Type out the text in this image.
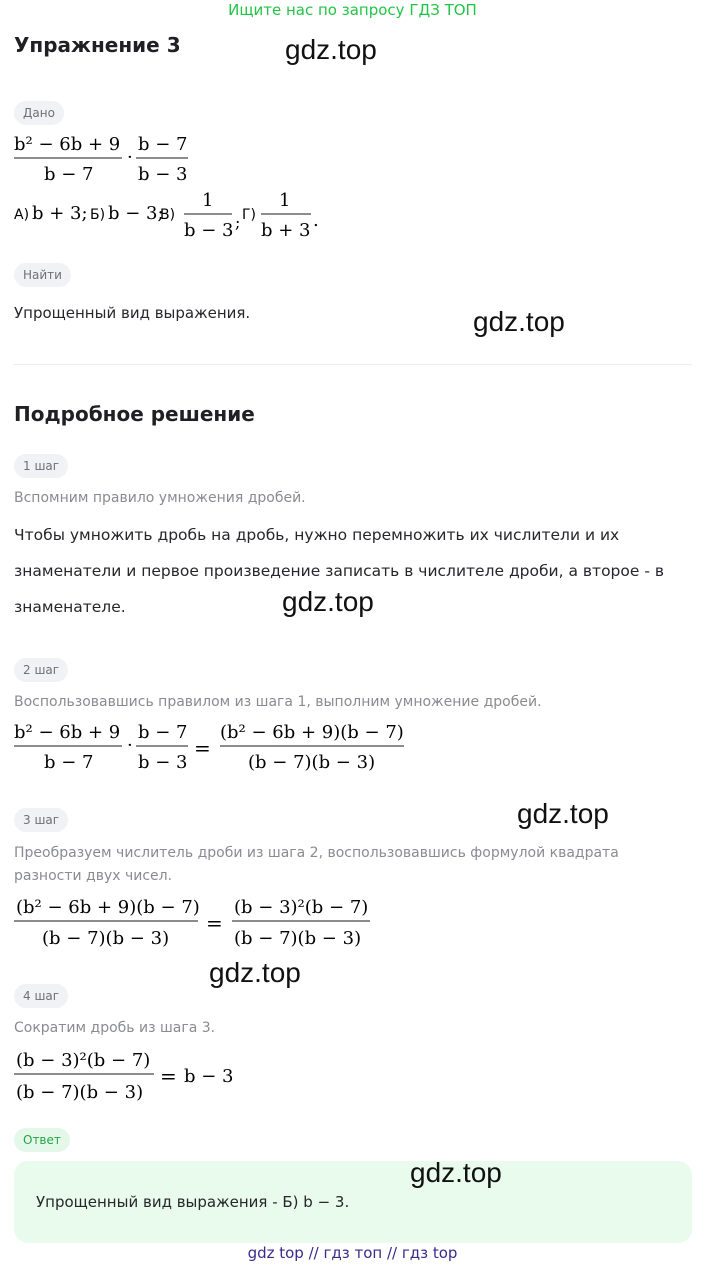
Ищите нас по запросу ГДЗ ТОП
Упражнение 3	gdz.top
gdz.top
gdz.top
gdz.top
gdz.top
gdz.top
Дано
b² − 6b + 9
b − 7
·
b − 7
b − 3
А) b + 3; Б) b − 3;
В)
1
b − 3 ; Г)
1
b + 3 .
Найти
Упрощенный вид выражения.
Подробное решение
1 шаг
Вспомним правило умножения дробей.
Чтобы умножить дробь на дробь, нужно перемножить их числители и их знаменатели и первое произведение записать в числителе дроби, а второе - в знаменателе.
2 шаг
Воспользовавшись правилом из шага 1, выполним умножение дробей.
b² − 6b + 9
b − 7
·
b − 7
b − 3
=
(b² − 6b + 9)(b − 7)
(b − 7)(b − 3)
3 шаг
Преобразуем числитель дроби из шага 2, воспользовавшись формулой квадрата разности двух чисел.
(b² − 6b + 9)(b − 7)
(b − 7)(b − 3)
=
(b − 3)²(b − 7)
(b − 7)(b − 3)
4 шаг
Сократим дробь из шага 3.
(b − 3)²(b − 7)
(b − 7)(b − 3)
= b − 3
Ответ
Упрощенный вид выражения - Б) b − 3.
gdz top // гдз топ // гдз top
